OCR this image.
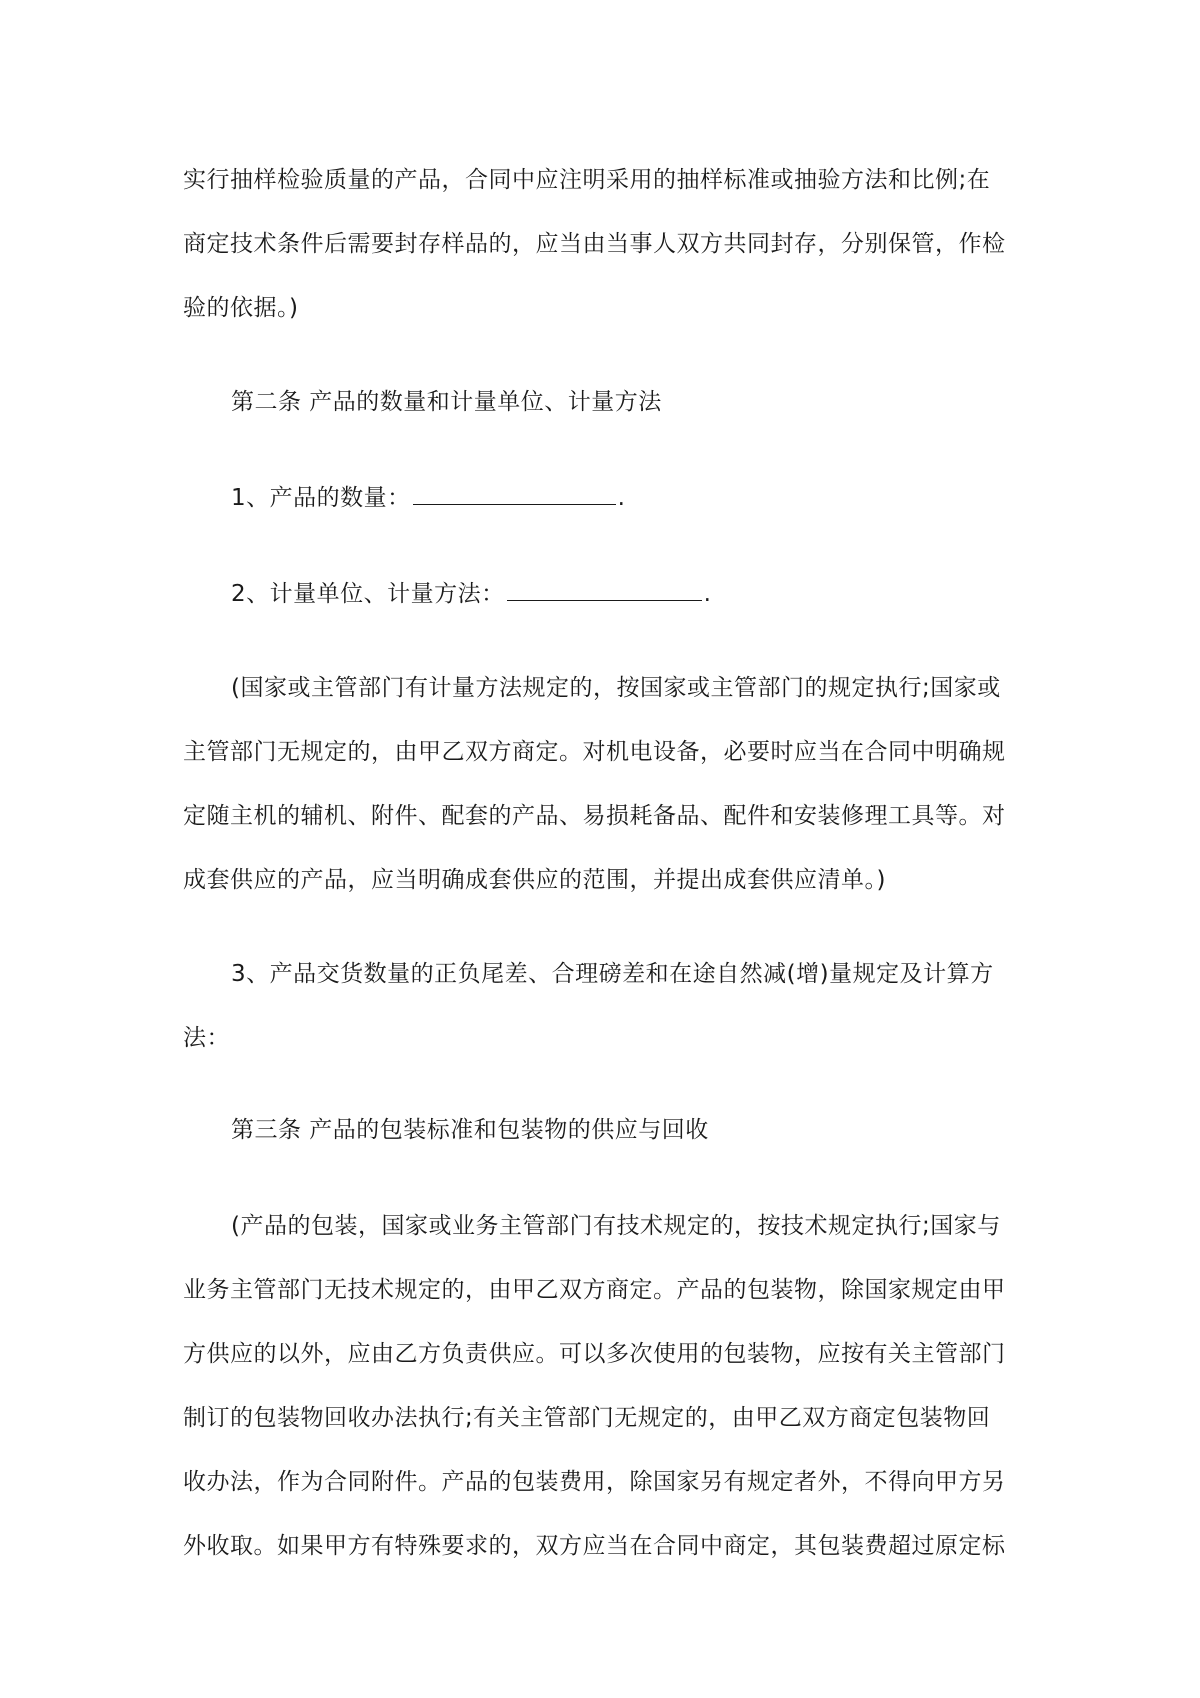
实行抽样检验质量的产品，合同中应注明采用的抽样标准或抽验方法和比例;在
商定技术条件后需要封存样品的，应当由当事人双方共同封存，分别保管，作检
验的依据。)
第二条 产品的数量和计量单位、计量方法
1、产品的数量：	.
2、计量单位、计量方法：	.
(国家或主管部门有计量方法规定的，按国家或主管部门的规定执行;国家或
主管部门无规定的，由甲乙双方商定。对机电设备，必要时应当在合同中明确规
定随主机的辅机、附件、配套的产品、易损耗备品、配件和安装修理工具等。对
成套供应的产品，应当明确成套供应的范围，并提出成套供应清单。)
3、产品交货数量的正负尾差、合理磅差和在途自然减(增)量规定及计算方
法：
第三条 产品的包装标准和包装物的供应与回收
(产品的包装，国家或业务主管部门有技术规定的，按技术规定执行;国家与
业务主管部门无技术规定的，由甲乙双方商定。产品的包装物，除国家规定由甲
方供应的以外，应由乙方负责供应。可以多次使用的包装物，应按有关主管部门
制订的包装物回收办法执行;有关主管部门无规定的，由甲乙双方商定包装物回
收办法，作为合同附件。产品的包装费用，除国家另有规定者外，不得向甲方另
外收取。如果甲方有特殊要求的，双方应当在合同中商定，其包装费超过原定标
